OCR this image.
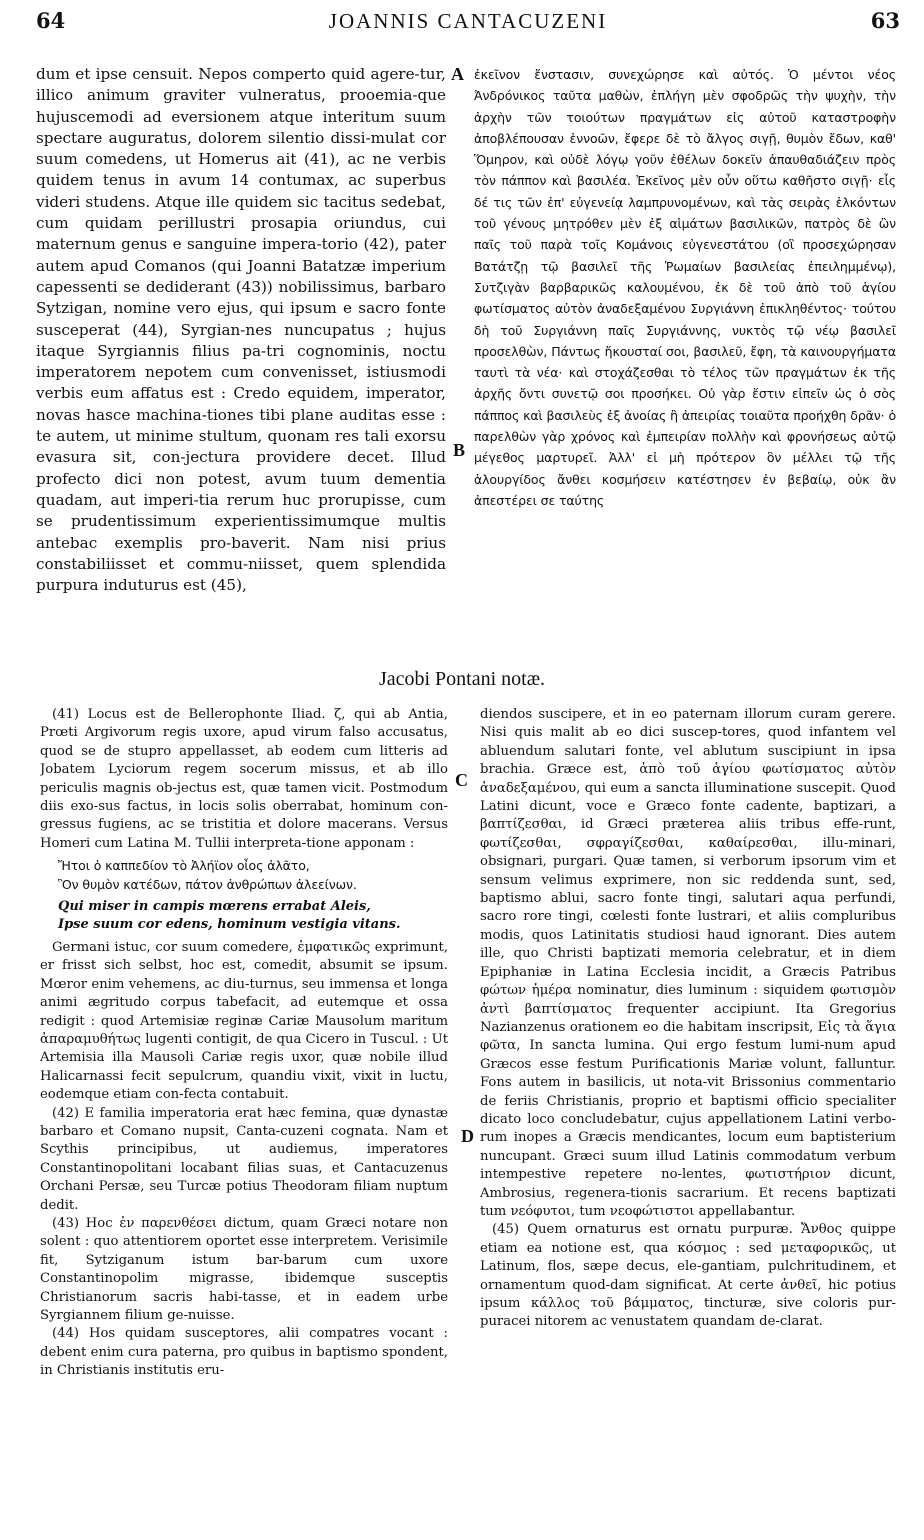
64	JOANNIS CANTACUZENI	63

dum et ipse censuit. Nepos comperto quid agere-tur, illico animum graviter vulneratus, prooemia-que hujuscemodi ad eversionem atque interitum suum spectare auguratus, dolorem silentio dissi-mulat cor suum comedens, ut Homerus ait (41), ac ne verbis quidem tenus in avum 14 contumax, ac superbus videri studens. Atque ille quidem sic tacitus sedebat, cum quidam perillustri prosapia oriundus, cui maternum genus e sanguine impera-torio (42), pater autem apud Comanos (qui Joanni Batatzæ imperium capessenti se dediderant (43)) nobilissimus, barbaro Sytzigan, nomine vero ejus, qui ipsum e sacro fonte susceperat (44), Syrgian-nes nuncupatus ; hujus itaque Syrgiannis filius pa-tri cognominis, noctu imperatorem nepotem cum convenisset, istiusmodi verbis eum affatus est : Credo equidem, imperator, novas hasce machina-tiones tibi plane auditas esse : te autem, ut minime stultum, quonam res tali exorsu evasura sit, con-jectura providere decet. Illud profecto dici non potest, avum tuum dementia quadam, aut imperi-tia rerum huc prorupisse, cum se prudentissimum experientissimumque multis antebac exemplis pro-baverit. Nam nisi prius constabiliisset et commu-niisset, quem splendida purpura induturus est (45),

A
B

ἐκεῖνον ἔνστασιν, συνεχώρησε καὶ αὐτός. Ὁ μέντοι νέος Ἀνδρόνικος ταῦτα μαθὼν, ἐπλήγη μὲν σφοδρῶς τὴν ψυχὴν, τὴν ἀρχὴν τῶν τοιούτων πραγμάτων εἰς αὐτοῦ καταστροφὴν ἀποβλέπουσαν ἐννοῶν, ἔφερε δὲ τὸ ἄλγος σιγῇ, θυμὸν ἔδων, καθ' Ὅμηρον, καὶ οὐδὲ λόγῳ γοῦν ἐθέλων δοκεῖν ἀπαυθαδιάζειν πρὸς τὸν πάππον καὶ βασιλέα. Ἐκεῖνος μὲν οὖν οὕτω καθῆστο σιγῇ· εἷς δέ τις τῶν ἐπ' εὐγενείᾳ λαμπρυνομένων, καὶ τὰς σειρὰς ἑλκόντων τοῦ γένους μητρόθεν μὲν ἐξ αἱμάτων βασιλικῶν, πατρὸς δὲ ὢν παῖς τοῦ παρὰ τοῖς Κομάνοις εὐγενεστάτου (οἳ προσεχώρησαν Βατάτζῃ τῷ βασιλεῖ τῆς Ῥωμαίων βασιλείας ἐπειλημμένῳ), Συτζιγὰν βαρβαρικῶς καλουμένου, ἐκ δὲ τοῦ ἀπὸ τοῦ ἁγίου φωτίσματος αὐτὸν ἀναδεξαμένου Συργιάννη ἐπικληθέντος· τούτου δὴ τοῦ Συργιάννη παῖς Συργιάννης, νυκτὸς τῷ νέῳ βασιλεῖ προσελθὼν, Πάντως ἤκουσταί σοι, βασιλεῦ, ἔφη, τὰ καινουργήματα ταυτὶ τὰ νέα· καὶ στοχάζεσθαι τὸ τέλος τῶν πραγμάτων ἐκ τῆς ἀρχῆς ὄντι συνετῷ σοι προσήκει. Οὐ γὰρ ἔστιν εἰπεῖν ὡς ὁ σὸς πάππος καὶ βασιλεὺς ἐξ ἀνοίας ἢ ἀπειρίας τοιαῦτα προήχθη δρᾶν· ὁ παρελθὼν γὰρ χρόνος καὶ ἐμπειρίαν πολλὴν καὶ φρονήσεως αὐτῷ μέγεθος μαρτυρεῖ. Ἀλλ' εἰ μὴ πρότερον ὃν μέλλει τῷ τῆς ἁλουργίδος ἄνθει κοσμήσειν κατέστησεν ἐν βεβαίῳ, οὐκ ἂν ἀπεστέρει σε ταύτης

Jacobi Pontani notæ.

(41) Locus est de Bellerophonte Iliad. ζ, qui ab Antia, Prœti Argivorum regis uxore, apud virum falso accusatus, quod se de stupro appellasset, ab eodem cum litteris ad Jobatem Lyciorum regem socerum missus, et ab illo periculis magnis ob-jectus est, quæ tamen vicit. Postmodum diis exo-sus factus, in locis solis oberrabat, hominum con-gressus fugiens, ac se tristitia et dolore macerans. Versus Homeri cum Latina M. Tullii interpreta-tione apponam :

Ἤτοι ὁ καππεδίον τὸ Ἀλήϊον οἶος ἀλᾶτο,
Ὃν θυμὸν κατέδων, πάτον ἀνθρώπων ἀλεείνων.

Qui miser in campis mœrens errabat Aleis,
Ipse suum cor edens, hominum vestigia vitans.

Germani istuc, cor suum comedere, ἐμφατικῶς exprimunt, er frisst sich selbst, hoc est, comedit, absumit se ipsum. Mœror enim vehemens, ac diu-turnus, seu immensa et longa animi ægritudo corpus tabefacit, ad eutemque et ossa redigit : quod Artemisiæ reginæ Cariæ Mausolum maritum ἀπαραμυθήτως lugenti contigit, de qua Cicero in Tuscul. : Ut Artemisia illa Mausoli Cariæ regis uxor, quæ nobile illud Halicarnassi fecit sepulcrum, quandiu vixit, vixit in luctu, eodemque etiam con-fecta contabuit.

(42) E familia imperatoria erat hæc femina, quæ dynastæ barbaro et Comano nupsit, Canta-cuzeni cognata. Nam et Scythis principibus, ut audiemus, imperatores Constantinopolitani locabant filias suas, et Cantacuzenus Orchani Persæ, seu Turcæ potius Theodoram filiam nuptum dedit.

(43) Hoc ἐν παρενθέσει dictum, quam Græci notare non solent : quo attentiorem oportet esse interpretem. Verisimile fit, Sytziganum istum bar-barum cum uxore Constantinopolim migrasse, ibidemque susceptis Christianorum sacris habi-tasse, et in eadem urbe Syrgiannem filium ge-nuisse.

(44) Hos quidam susceptores, alii compatres vocant : debent enim cura paterna, pro quibus in baptismo spondent, in Christianis institutis eru-

C
D

diendos suscipere, et in eo paternam illorum curam gerere. Nisi quis malit ab eo dici suscep-tores, quod infantem vel abluendum salutari fonte, vel ablutum suscipiunt in ipsa brachia. Græce est, ἀπὸ τοῦ ἁγίου φωτίσματος αὐτὸν ἀναδεξαμένου, qui eum a sancta illuminatione suscepit. Quod Latini dicunt, voce e Græco fonte cadente, baptizari, a βαπτίζεσθαι, id Græci præterea aliis tribus effe-runt, φωτίζεσθαι, σφραγίζεσθαι, καθαίρεσθαι, illu-minari, obsignari, purgari. Quæ tamen, si verborum ipsorum vim et sensum velimus exprimere, non sic reddenda sunt, sed, baptismo ablui, sacro fonte tingi, salutari aqua perfundi, sacro rore tingi, cœlesti fonte lustrari, et aliis compluribus modis, quos Latinitatis studiosi haud ignorant. Dies autem ille, quo Christi baptizati memoria celebratur, et in diem Epiphaniæ in Latina Ecclesia incidit, a Græcis Patribus φώτων ἡμέρα nominatur, dies luminum : siquidem φωτισμὸν ἀντὶ βαπτίσματος frequenter accipiunt. Ita Gregorius Nazianzenus orationem eo die habitam inscripsit, Εἰς τὰ ἅγια φῶτα, In sancta lumina. Qui ergo festum lumi-num apud Græcos esse festum Purificationis Mariæ volunt, falluntur. Fons autem in basilicis, ut nota-vit Brissonius commentario de feriis Christianis, proprio et baptismi officio specialiter dicato loco concludebatur, cujus appellationem Latini verbo-rum inopes a Græcis mendicantes, locum eum baptisterium nuncupant. Græci suum illud Latinis commodatum verbum intempestive repetere no-lentes, φωτιστήριον dicunt, Ambrosius, regenera-tionis sacrarium. Et recens baptizati tum νεόφυτοι, tum νεοφώτιστοι appellabantur.

(45) Quem ornaturus est ornatu purpuræ. Ἄνθος quippe etiam ea notione est, qua κόσμος : sed μεταφορικῶς, ut Latinum, flos, sæpe decus, ele-gantiam, pulchritudinem, et ornamentum quod-dam significat. At certe ἀνθεῖ, hic potius ipsum κάλλος τοῦ βάμματος, tincturæ, sive coloris pur-puracei nitorem ac venustatem quandam de-clarat.
